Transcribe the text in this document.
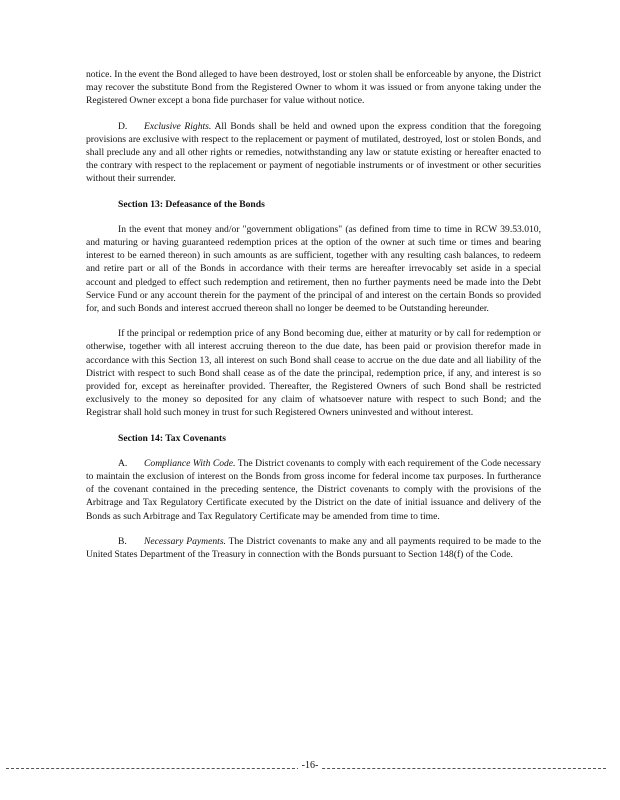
notice. In the event the Bond alleged to have been destroyed, lost or stolen shall be enforceable by anyone, the District may recover the substitute Bond from the Registered Owner to whom it was issued or from anyone taking under the Registered Owner except a bona fide purchaser for value without notice.

D. Exclusive Rights. All Bonds shall be held and owned upon the express condition that the foregoing provisions are exclusive with respect to the replacement or payment of mutilated, destroyed, lost or stolen Bonds, and shall preclude any and all other rights or remedies, notwithstanding any law or statute existing or hereafter enacted to the contrary with respect to the replacement or payment of negotiable instruments or of investment or other securities without their surrender.

Section 13: Defeasance of the Bonds

In the event that money and/or "government obligations" (as defined from time to time in RCW 39.53.010, and maturing or having guaranteed redemption prices at the option of the owner at such time or times and bearing interest to be earned thereon) in such amounts as are sufficient, together with any resulting cash balances, to redeem and retire part or all of the Bonds in accordance with their terms are hereafter irrevocably set aside in a special account and pledged to effect such redemption and retirement, then no further payments need be made into the Debt Service Fund or any account therein for the payment of the principal of and interest on the certain Bonds so provided for, and such Bonds and interest accrued thereon shall no longer be deemed to be Outstanding hereunder.

If the principal or redemption price of any Bond becoming due, either at maturity or by call for redemption or otherwise, together with all interest accruing thereon to the due date, has been paid or provision therefor made in accordance with this Section 13, all interest on such Bond shall cease to accrue on the due date and all liability of the District with respect to such Bond shall cease as of the date the principal, redemption price, if any, and interest is so provided for, except as hereinafter provided. Thereafter, the Registered Owners of such Bond shall be restricted exclusively to the money so deposited for any claim of whatsoever nature with respect to such Bond; and the Registrar shall hold such money in trust for such Registered Owners uninvested and without interest.

Section 14: Tax Covenants

A. Compliance With Code. The District covenants to comply with each requirement of the Code necessary to maintain the exclusion of interest on the Bonds from gross income for federal income tax purposes. In furtherance of the covenant contained in the preceding sentence, the District covenants to comply with the provisions of the Arbitrage and Tax Regulatory Certificate executed by the District on the date of initial issuance and delivery of the Bonds as such Arbitrage and Tax Regulatory Certificate may be amended from time to time.

B. Necessary Payments. The District covenants to make any and all payments required to be made to the United States Department of the Treasury in connection with the Bonds pursuant to Section 148(f) of the Code.

-16-
